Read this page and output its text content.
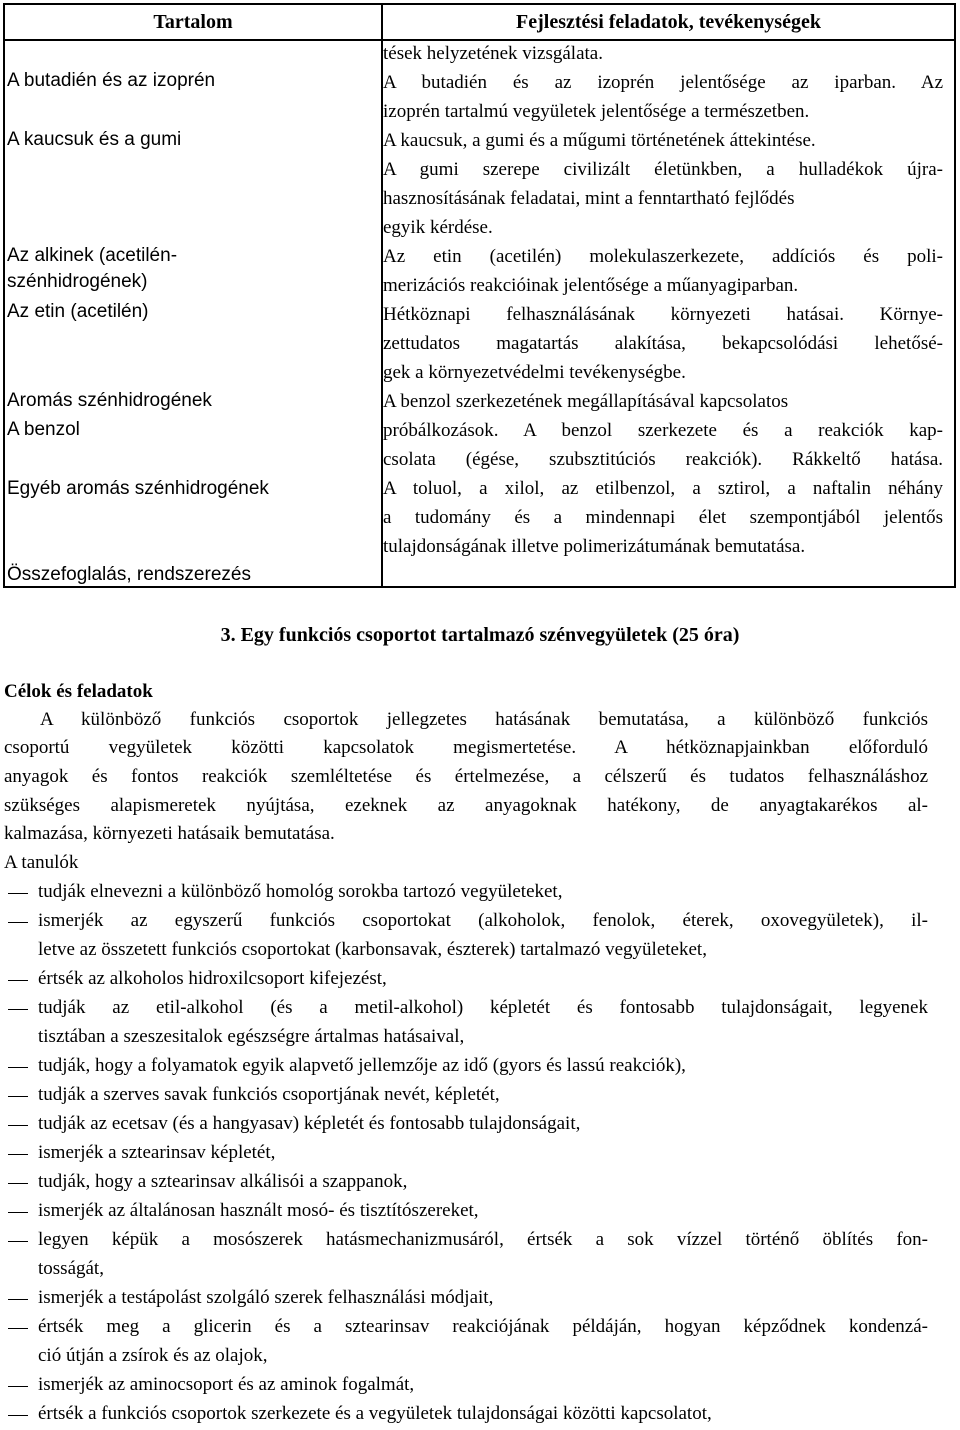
Tartalom	Fejlesztési feladatok, tevékenységek
A butadién és az izoprén
A kaucsuk és a gumi
Az alkinek (acetilén-
szénhidrogének)
Az etin (acetilén)
Aromás szénhidrogének
A benzol
Egyéb aromás szénhidrogének
Összefoglalás, rendszerezés
tések helyzetének vizsgálata.
A butadién és az izoprén jelentősége az iparban. Az
izoprén tartalmú vegyületek jelentősége a természetben.
A kaucsuk, a gumi és a műgumi történetének áttekintése.
A gumi szerepe civilizált életünkben, a hulladékok újra-
hasznosításának feladatai, mint a fenntartható fejlődés
egyik kérdése.
Az etin (acetilén) molekulaszerkezete, addíciós és poli-
merizációs reakcióinak jelentősége a műanyagiparban.
Hétköznapi felhasználásának környezeti hatásai. Környe-
zettudatos magatartás alakítása, bekapcsolódási lehetősé-
gek a környezetvédelmi tevékenységbe.
A benzol szerkezetének megállapításával kapcsolatos
próbálkozások. A benzol szerkezete és a reakciók kap-
csolata (égése, szubsztitúciós reakciók). Rákkeltő hatása.
A toluol, a xilol, az etilbenzol, a sztirol, a naftalin néhány
a tudomány és a mindennapi élet szempontjából jelentős
tulajdonságának illetve polimerizátumának bemutatása.
3. Egy funkciós csoportot tartalmazó szénvegyületek (25 óra)
Célok és feladatok
A különböző funkciós csoportok jellegzetes hatásának bemutatása, a különböző funkciós
csoportú vegyületek közötti kapcsolatok megismertetése. A hétköznapjainkban előforduló
anyagok és fontos reakciók szemléltetése és értelmezése, a célszerű és tudatos felhasználáshoz
szükséges alapismeretek nyújtása, ezeknek az anyagoknak hatékony, de anyagtakarékos al-
kalmazása, környezeti hatásaik bemutatása.
A tanulók
tudják elnevezni a különböző homológ sorokba tartozó vegyületeket,
ismerjék az egyszerű funkciós csoportokat (alkoholok, fenolok, éterek, oxovegyületek), il-
letve az összetett funkciós csoportokat (karbonsavak, észterek) tartalmazó vegyületeket,
értsék az alkoholos hidroxilcsoport kifejezést,
tudják az etil-alkohol (és a metil-alkohol) képletét és fontosabb tulajdonságait, legyenek
tisztában a szeszesitalok egészségre ártalmas hatásaival,
tudják, hogy a folyamatok egyik alapvető jellemzője az idő (gyors és lassú reakciók),
tudják a szerves savak funkciós csoportjának nevét, képletét,
tudják az ecetsav (és a hangyasav) képletét és fontosabb tulajdonságait,
ismerjék a sztearinsav képletét,
tudják, hogy a sztearinsav alkálisói a szappanok,
ismerjék az általánosan használt mosó- és tisztítószereket,
legyen képük a mosószerek hatásmechanizmusáról, értsék a sok vízzel történő öblítés fon-
tosságát,
ismerjék a testápolást szolgáló szerek felhasználási módjait,
értsék meg a glicerin és a sztearinsav reakciójának példáján, hogyan képződnek kondenzá-
ció útján a zsírok és az olajok,
ismerjék az aminocsoport és az aminok fogalmát,
értsék a funkciós csoportok szerkezete és a vegyületek tulajdonságai közötti kapcsolatot,
